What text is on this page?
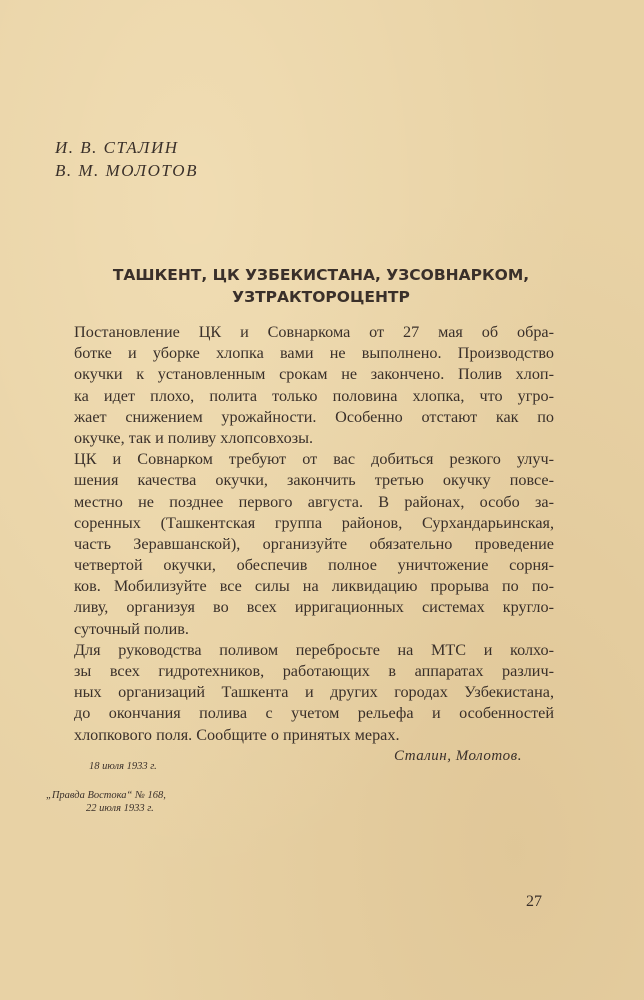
И. В. СТАЛИН
В. М. МОЛОТОВ
ТАШКЕНТ, ЦК УЗБЕКИСТАНА, УЗСОВНАРКОМ,
УЗТРАКТОРОЦЕНТР
Постановление ЦК и Совнаркома от 27 мая об обра-
ботке и уборке хлопка вами не выполнено. Производство
окучки к установленным срокам не закончено. Полив хлоп-
ка идет плохо, полита только половина хлопка, что угро-
жает снижением урожайности. Особенно отстают как по
окучке, так и поливу хлопсовхозы.
ЦК и Совнарком требуют от вас добиться резкого улуч-
шения качества окучки, закончить третью окучку повсе-
местно не позднее первого августа. В районах, особо за-
соренных (Ташкентская группа районов, Сурхандарьинская,
часть Зеравшанской), организуйте обязательно проведение
четвертой окучки, обеспечив полное уничтожение сорня-
ков. Мобилизуйте все силы на ликвидацию прорыва по по-
ливу, организуя во всех ирригационных системах кругло-
суточный полив.
Для руководства поливом перебросьте на МТС и колхо-
зы всех гидротехников, работающих в аппаратах различ-
ных организаций Ташкента и других городах Узбекистана,
до окончания полива с учетом рельефа и особенностей
хлопкового поля. Сообщите о принятых мерах.
Сталин, Молотов.
18 июля 1933 г.
„Правда Востока“ № 168,
22 июля 1933 г.
27
